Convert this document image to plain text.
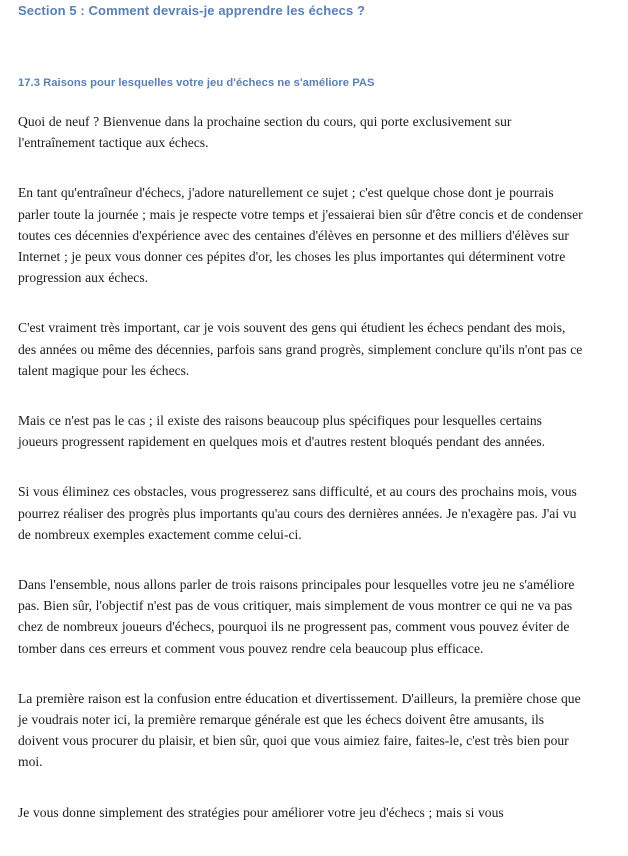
Section 5 : Comment devrais-je apprendre les échecs ?
17.3 Raisons pour lesquelles votre jeu d'échecs ne s'améliore PAS

Quoi de neuf ? Bienvenue dans la prochaine section du cours, qui porte exclusivement sur l'entraînement tactique aux échecs.

En tant qu'entraîneur d'échecs, j'adore naturellement ce sujet ; c'est quelque chose dont je pourrais parler toute la journée ; mais je respecte votre temps et j'essaierai bien sûr d'être concis et de condenser toutes ces décennies d'expérience avec des centaines d'élèves en personne et des milliers d'élèves sur Internet ; je peux vous donner ces pépites d'or, les choses les plus importantes qui déterminent votre progression aux échecs.

C'est vraiment très important, car je vois souvent des gens qui étudient les échecs pendant des mois, des années ou même des décennies, parfois sans grand progrès, simplement conclure qu'ils n'ont pas ce talent magique pour les échecs.

Mais ce n'est pas le cas ; il existe des raisons beaucoup plus spécifiques pour lesquelles certains joueurs progressent rapidement en quelques mois et d'autres restent bloqués pendant des années.

Si vous éliminez ces obstacles, vous progresserez sans difficulté, et au cours des prochains mois, vous pourrez réaliser des progrès plus importants qu'au cours des dernières années. Je n'exagère pas. J'ai vu de nombreux exemples exactement comme celui-ci.

Dans l'ensemble, nous allons parler de trois raisons principales pour lesquelles votre jeu ne s'améliore pas. Bien sûr, l'objectif n'est pas de vous critiquer, mais simplement de vous montrer ce qui ne va pas chez de nombreux joueurs d'échecs, pourquoi ils ne progressent pas, comment vous pouvez éviter de tomber dans ces erreurs et comment vous pouvez rendre cela beaucoup plus efficace.

La première raison est la confusion entre éducation et divertissement. D'ailleurs, la première chose que je voudrais noter ici, la première remarque générale est que les échecs doivent être amusants, ils doivent vous procurer du plaisir, et bien sûr, quoi que vous aimiez faire, faites-le, c'est très bien pour moi.

Je vous donne simplement des stratégies pour améliorer votre jeu d'échecs ; mais si vous
